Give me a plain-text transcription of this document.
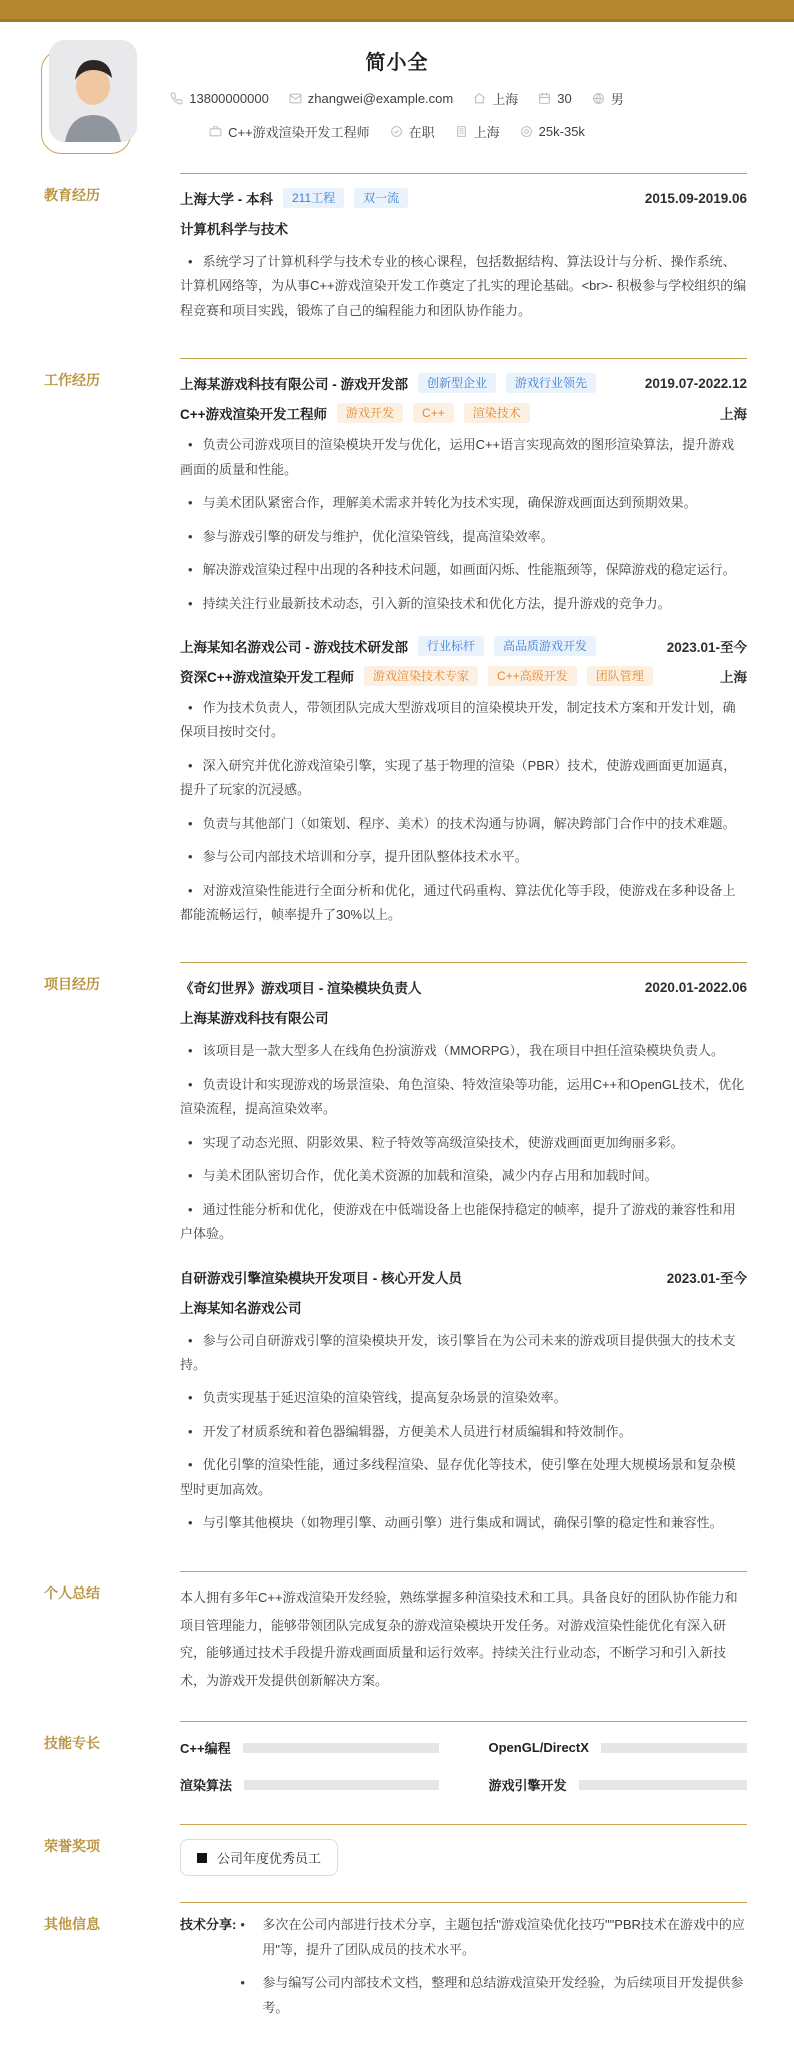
简小全
13800000000	zhangwei@example.com	上海	30	男
C++游戏渲染开发工程师	在职	上海	25k-35k
教育经历	上海大学 - 本科	211工程	双一流	2015.09-2019.06
计算机科学与技术

• 系统学习了计算机科学与技术专业的核心课程，包括数据结构、算法设计与分析、操作系统、计算机网络等，为从事C++游戏渲染开发工作奠定了扎实的理论基础。<br>- 积极参与学校组织的编程竞赛和项目实践，锻炼了自己的编程能力和团队协作能力。

工作经历	上海某游戏科技有限公司 - 游戏开发部	创新型企业	游戏行业领先	2019.07-2022.12
C++游戏渲染开发工程师	游戏开发	C++	渲染技术	上海

• 负责公司游戏项目的渲染模块开发与优化，运用C++语言实现高效的图形渲染算法，提升游戏画面的质量和性能。

• 与美术团队紧密合作，理解美术需求并转化为技术实现，确保游戏画面达到预期效果。

• 参与游戏引擎的研发与维护，优化渲染管线，提高渲染效率。

• 解决游戏渲染过程中出现的各种技术问题，如画面闪烁、性能瓶颈等，保障游戏的稳定运行。

• 持续关注行业最新技术动态，引入新的渲染技术和优化方法，提升游戏的竞争力。

上海某知名游戏公司 - 游戏技术研发部	行业标杆	高品质游戏开发	2023.01-至今
资深C++游戏渲染开发工程师	游戏渲染技术专家	C++高级开发	团队管理	上海

• 作为技术负责人，带领团队完成大型游戏项目的渲染模块开发，制定技术方案和开发计划，确保项目按时交付。

• 深入研究并优化游戏渲染引擎，实现了基于物理的渲染（PBR）技术，使游戏画面更加逼真，提升了玩家的沉浸感。

• 负责与其他部门（如策划、程序、美术）的技术沟通与协调，解决跨部门合作中的技术难题。

• 参与公司内部技术培训和分享，提升团队整体技术水平。

• 对游戏渲染性能进行全面分析和优化，通过代码重构、算法优化等手段，使游戏在多种设备上都能流畅运行，帧率提升了30%以上。

项目经历	《奇幻世界》游戏项目 - 渲染模块负责人	2020.01-2022.06
上海某游戏科技有限公司

• 该项目是一款大型多人在线角色扮演游戏（MMORPG），我在项目中担任渲染模块负责人。

• 负责设计和实现游戏的场景渲染、角色渲染、特效渲染等功能，运用C++和OpenGL技术，优化渲染流程，提高渲染效率。

• 实现了动态光照、阴影效果、粒子特效等高级渲染技术，使游戏画面更加绚丽多彩。

• 与美术团队密切合作，优化美术资源的加载和渲染，减少内存占用和加载时间。

• 通过性能分析和优化，使游戏在中低端设备上也能保持稳定的帧率，提升了游戏的兼容性和用户体验。

自研游戏引擎渲染模块开发项目 - 核心开发人员	2023.01-至今
上海某知名游戏公司

• 参与公司自研游戏引擎的渲染模块开发，该引擎旨在为公司未来的游戏项目提供强大的技术支持。

• 负责实现基于延迟渲染的渲染管线，提高复杂场景的渲染效率。

• 开发了材质系统和着色器编辑器，方便美术人员进行材质编辑和特效制作。

• 优化引擎的渲染性能，通过多线程渲染、显存优化等技术，使引擎在处理大规模场景和复杂模型时更加高效。

• 与引擎其他模块（如物理引擎、动画引擎）进行集成和调试，确保引擎的稳定性和兼容性。

个人总结	本人拥有多年C++游戏渲染开发经验，熟练掌握多种渲染技术和工具。具备良好的团队协作能力和项目管理能力，能够带领团队完成复杂的游戏渲染模块开发任务。对游戏渲染性能优化有深入研究，能够通过技术手段提升游戏画面质量和运行效率。持续关注行业动态，不断学习和引入新技术，为游戏开发提供创新解决方案。

技能专长	C++编程	OpenGL/DirectX
渲染算法	游戏引擎开发
荣誉奖项
公司年度优秀员工
其他信息	技术分享:	• 多次在公司内部进行技术分享，主题包括"游戏渲染优化技巧""PBR技术在游戏中的应用"等，提升了团队成员的技术水平。

• 参与编写公司内部技术文档，整理和总结游戏渲染开发经验，为后续项目开发提供参考。
